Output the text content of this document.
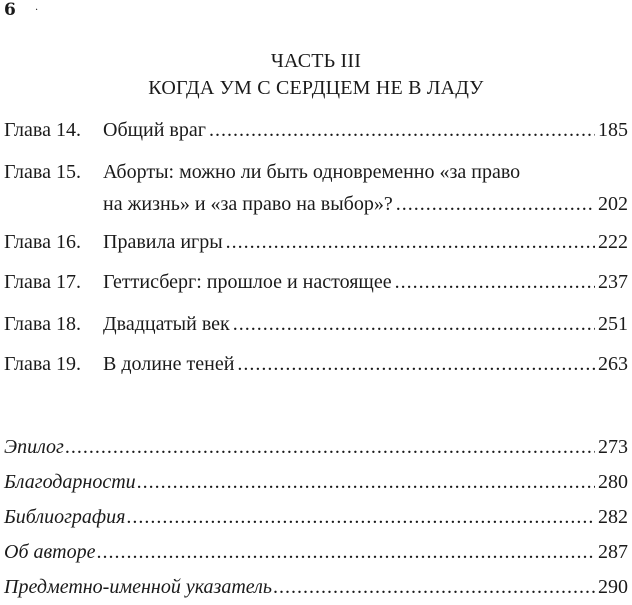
6 .
ЧАСТЬ III
КОГДА УМ С СЕРДЦЕМ НЕ В ЛАДУ
Глава 14. Общий враг .....	185
Глава 15. Аборты: можно ли быть одновременно «за право
на жизнь» и «за право на выбор»? .....	202
Глава 16. Правила игры .....	222
Глава 17. Геттисберг: прошлое и настоящее .....	237
Глава 18. Двадцатый век .....	251
Глава 19. В долине теней .....	263
Эпилог .....	273
Благодарности .....	280
Библиография .....	282
Об авторе .....	287
Предметно-именной указатель .....	290
